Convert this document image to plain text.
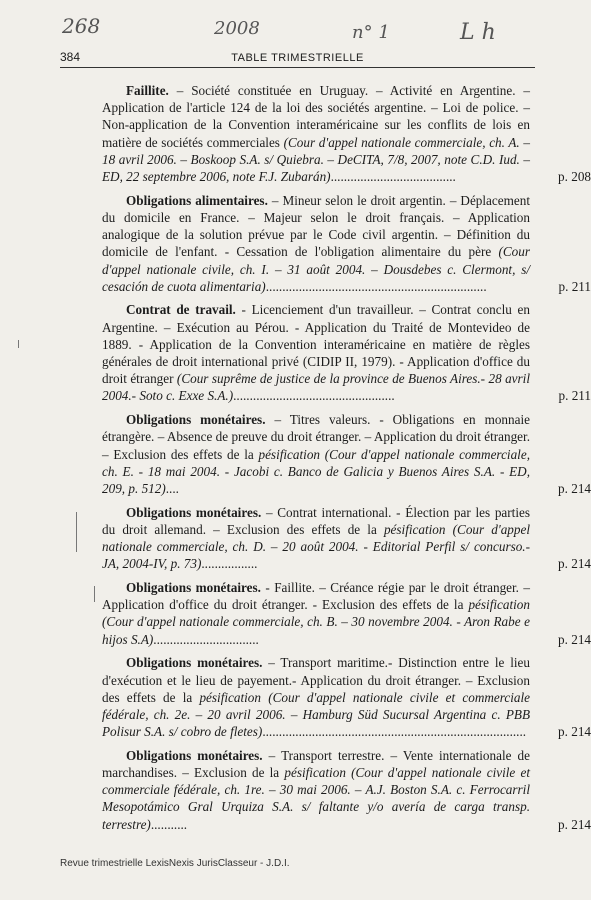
268	2008	n° 1	L h
384	TABLE TRIMESTRIELLE
Faillite. – Société constituée en Uruguay. – Activité en Argentine. – Application de l'article 124 de la loi des sociétés argentine. – Loi de police. – Non-application de la Convention interaméricaine sur les conflits de lois en matière de sociétés commerciales (Cour d'appel nationale commerciale, ch. A. – 18 avril 2006. – Boskoop S.A. s/ Quiebra. – DeCITA, 7/8, 2007, note C.D. Iud. – ED, 22 septembre 2006, note F.J. Zubarán)......................................	p. 208
Obligations alimentaires. – Mineur selon le droit argentin. – Déplacement du domicile en France. – Majeur selon le droit français. – Application analogique de la solution prévue par le Code civil argentin. – Définition du domicile de l'enfant. - Cessation de l'obligation alimentaire du père (Cour d'appel nationale civile, ch. I. – 31 août 2004. – Dousdebes c. Clermont, s/ cesación de cuota alimentaria)...................................................................	p. 211
Contrat de travail. - Licenciement d'un travailleur. – Contrat conclu en Argentine. – Exécution au Pérou. - Application du Traité de Montevideo de 1889. - Application de la Convention interaméricaine en matière de règles générales de droit international privé (CIDIP II, 1979). - Application d'office du droit étranger (Cour suprême de justice de la province de Buenos Aires.- 28 avril 2004.- Soto c. Exxe S.A.).................................................	p. 211
Obligations monétaires. – Titres valeurs. - Obligations en monnaie étrangère. – Absence de preuve du droit étranger. – Application du droit étranger. – Exclusion des effets de la pésification (Cour d'appel nationale commerciale, ch. E. - 18 mai 2004. - Jacobi c. Banco de Galicia y Buenos Aires S.A. - ED, 209, p. 512)....	p. 214
Obligations monétaires. – Contrat international. - Élection par les parties du droit allemand. – Exclusion des effets de la pésification (Cour d'appel nationale commerciale, ch. D. – 20 août 2004. - Editorial Perfil s/ concurso.- JA, 2004-IV, p. 73).................	p. 214
Obligations monétaires. - Faillite. – Créance régie par le droit étranger. – Application d'office du droit étranger. - Exclusion des effets de la pésification (Cour d'appel nationale commerciale, ch. B. – 30 novembre 2004. - Aron Rabe e hijos S.A)................................	p. 214
Obligations monétaires. – Transport maritime.- Distinction entre le lieu d'exécution et le lieu de payement.- Application du droit étranger. – Exclusion des effets de la pésification (Cour d'appel nationale civile et commerciale fédérale, ch. 2e. – 20 avril 2006. – Hamburg Süd Sucursal Argentina c. PBB Polisur S.A. s/ cobro de fletes)................................................................................ p. 214
Obligations monétaires. – Transport terrestre. – Vente internationale de marchandises. – Exclusion de la pésification (Cour d'appel nationale civile et commerciale fédérale, ch. 1re. – 30 mai 2006. – A.J. Boston S.A. c. Ferrocarril Mesopotámico Gral Urquiza S.A. s/ faltante y/o avería de carga transp. terrestre)...........	p. 214
Revue trimestrielle LexisNexis JurisClasseur - J.D.I.
